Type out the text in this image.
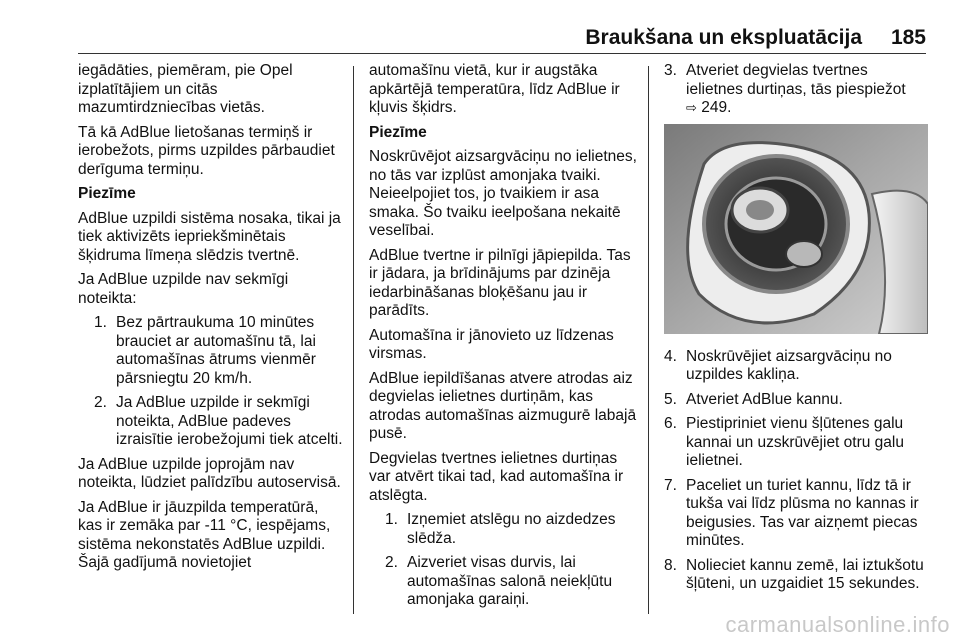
Braukšana un ekspluatācija 185

iegādāties, piemēram, pie Opel izplatītājiem un citās mazumtirdzniecības vietās.

Tā kā AdBlue lietošanas termiņš ir ierobežots, pirms uzpildes pārbaudiet derīguma termiņu.

Piezīme

AdBlue uzpildi sistēma nosaka, tikai ja tiek aktivizēts iepriekšminētais šķidruma līmeņa slēdzis tvertnē.

Ja AdBlue uzpilde nav sekmīgi noteikta:

1. Bez pārtraukuma 10 minūtes brauciet ar automašīnu tā, lai automašīnas ātrums vienmēr pārsniegtu 20 km/h.
2. Ja AdBlue uzpilde ir sekmīgi noteikta, AdBlue padeves izraisītie ierobežojumi tiek atcelti.

Ja AdBlue uzpilde joprojām nav noteikta, lūdziet palīdzību autoservisā.

Ja AdBlue ir jāuzpilda temperatūrā, kas ir zemāka par -11 °C, iespējams, sistēma nekonstatēs AdBlue uzpildi. Šajā gadījumā novietojiet

automašīnu vietā, kur ir augstāka apkārtējā temperatūra, līdz AdBlue ir kļuvis šķidrs.

Piezīme

Noskrūvējot aizsargvāciņu no ielietnes, no tās var izplūst amonjaka tvaiki. Neieelpojiet tos, jo tvaikiem ir asa smaka. Šo tvaiku ieelpošana nekaitē veselībai.

AdBlue tvertne ir pilnīgi jāpiepilda. Tas ir jādara, ja brīdinājums par dzinēja iedarbināšanas bloķēšanu jau ir parādīts.

Automašīna ir jānovieto uz līdzenas virsmas.

AdBlue iepildīšanas atvere atrodas aiz degvielas ielietnes durtiņām, kas atrodas automašīnas aizmugurē labajā pusē.

Degvielas tvertnes ielietnes durtiņas var atvērt tikai tad, kad automašīna ir atslēgta.

1. Izņemiet atslēgu no aizdedzes slēdža.
2. Aizveriet visas durvis, lai automašīnas salonā neiekļūtu amonjaka garaiņi.
3. Atveriet degvielas tvertnes ielietnes durtiņas, tās piespiežot
⇨ 249.
4. Noskrūvējiet aizsargvāciņu no uzpildes kakliņa.
5. Atveriet AdBlue kannu.
6. Piestipriniet vienu šļūtenes galu kannai un uzskrūvējiet otru galu ielietnei.
7. Paceliet un turiet kannu, līdz tā ir tukša vai līdz plūsma no kannas ir beigusies. Tas var aizņemt piecas minūtes.
8. Nolieciet kannu zemē, lai iztukšotu šļūteni, un uzgaidiet 15 sekundes.
carmanualsonline.info
